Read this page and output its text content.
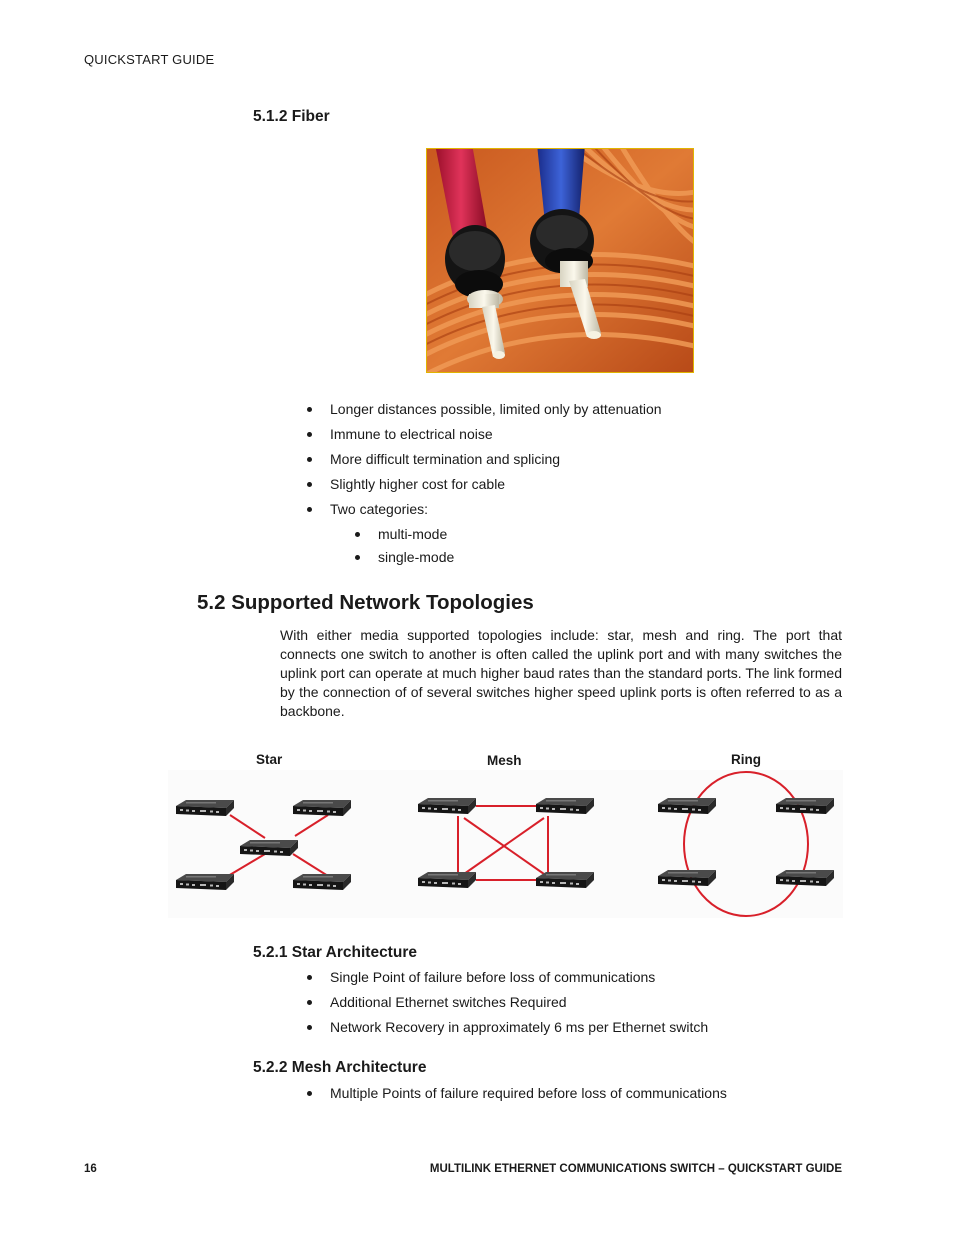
QUICKSTART GUIDE
5.1.2 Fiber
Longer distances possible, limited only by attenuation
Immune to electrical noise
More difficult termination and splicing
Slightly higher cost for cable
Two categories:
multi-mode
single-mode
5.2 Supported Network Topologies

With either media supported topologies include: star, mesh and ring. The port that connects one switch to another is often called the uplink port and with many switches the uplink port can operate at much higher baud rates than the standard ports. The link formed by the connection of of several switches higher speed uplink ports is often referred to as a backbone.

Star	Mesh	Ring
5.2.1 Star Architecture
Single Point of failure before loss of communications
Additional Ethernet switches Required
Network Recovery in approximately 6 ms per Ethernet switch
5.2.2 Mesh Architecture
Multiple Points of failure required before loss of communications
16	MULTILINK ETHERNET COMMUNICATIONS SWITCH – QUICKSTART GUIDE
